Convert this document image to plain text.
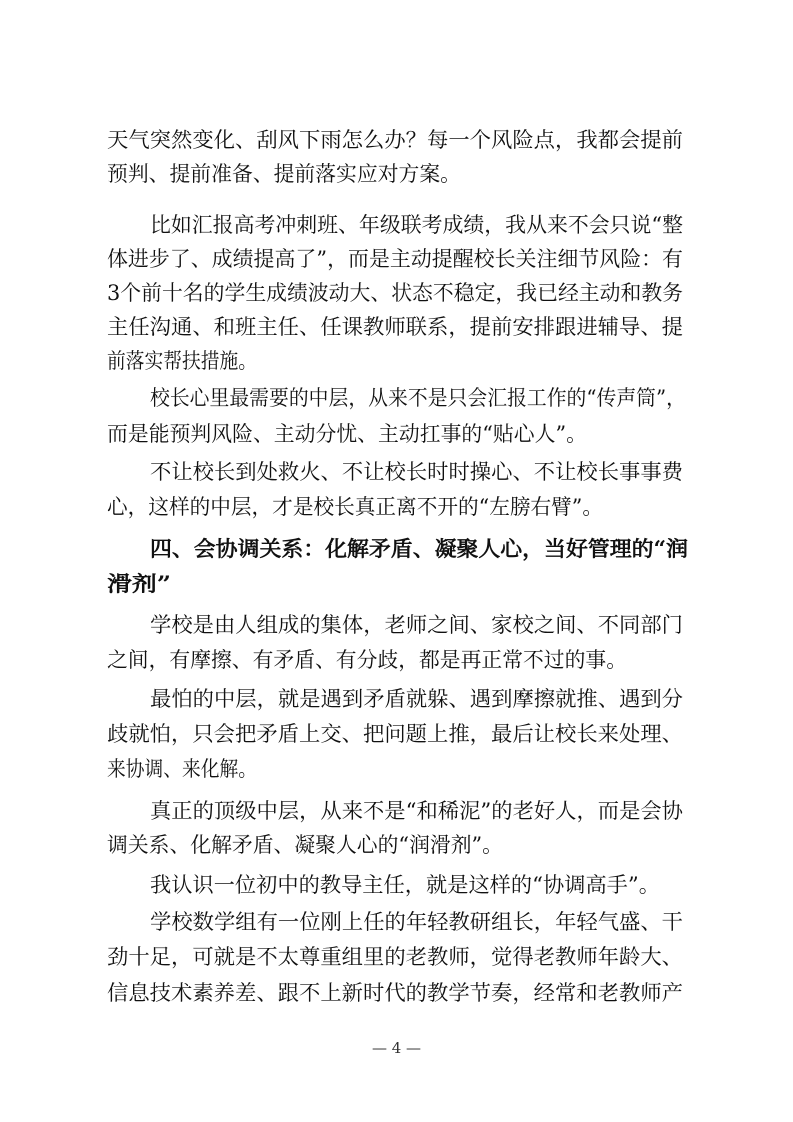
天气突然变化、刮风下雨怎么办？每一个风险点，我都会提前
预判、提前准备、提前落实应对方案。
比如汇报高考冲刺班、年级联考成绩，我从来不会只说“整
体进步了、成绩提高了”，而是主动提醒校长关注细节风险：有
3个前十名的学生成绩波动大、状态不稳定，我已经主动和教务
主任沟通、和班主任、任课教师联系，提前安排跟进辅导、提
前落实帮扶措施。
校长心里最需要的中层，从来不是只会汇报工作的“传声筒”，
而是能预判风险、主动分忧、主动扛事的“贴心人”。
不让校长到处救火、不让校长时时操心、不让校长事事费
心，这样的中层，才是校长真正离不开的“左膀右臂”。
四、会协调关系：化解矛盾、凝聚人心，当好管理的“润
滑剂”
学校是由人组成的集体，老师之间、家校之间、不同部门
之间，有摩擦、有矛盾、有分歧，都是再正常不过的事。
最怕的中层，就是遇到矛盾就躲、遇到摩擦就推、遇到分
歧就怕，只会把矛盾上交、把问题上推，最后让校长来处理、
来协调、来化解。
真正的顶级中层，从来不是“和稀泥”的老好人，而是会协
调关系、化解矛盾、凝聚人心的“润滑剂”。
我认识一位初中的教导主任，就是这样的“协调高手”。
学校数学组有一位刚上任的年轻教研组长，年轻气盛、干
劲十足，可就是不太尊重组里的老教师，觉得老教师年龄大、
信息技术素养差、跟不上新时代的教学节奏，经常和老教师产
— 4 —
